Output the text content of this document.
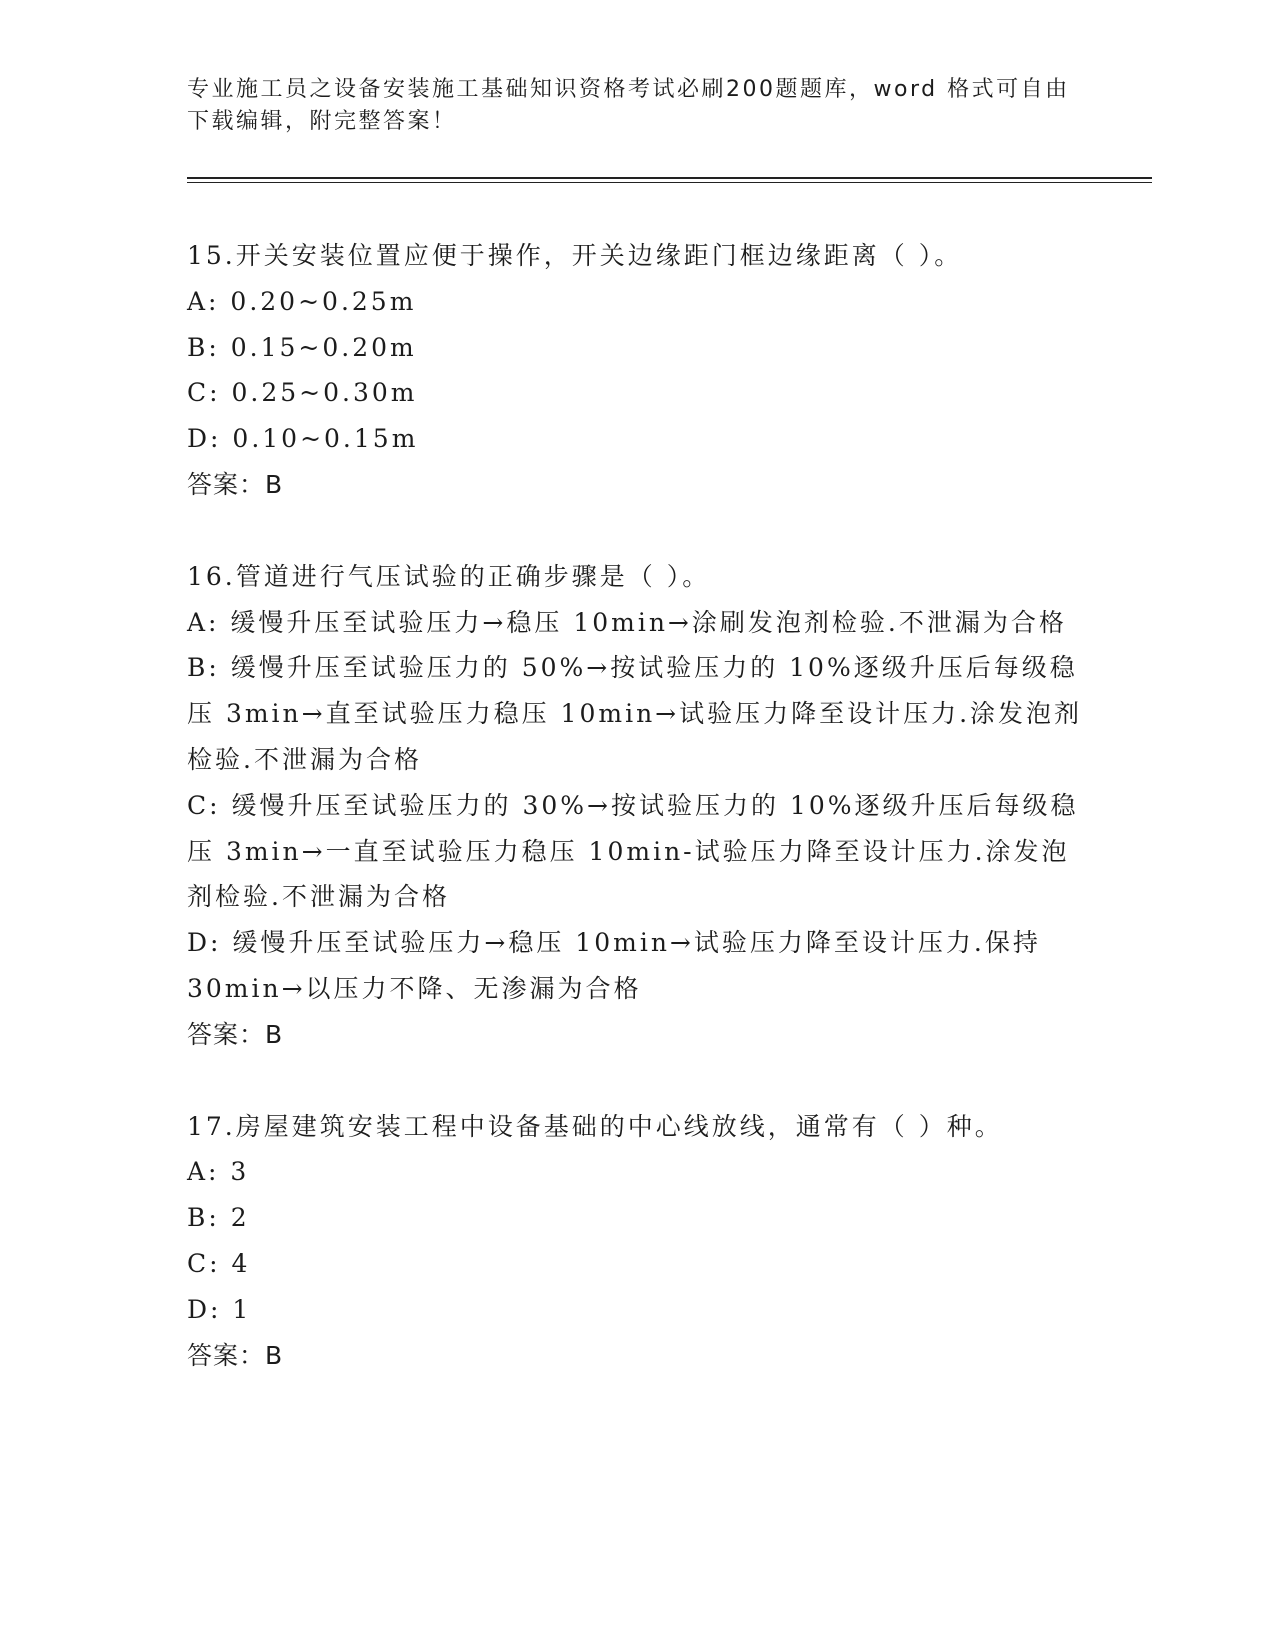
专业施工员之设备安装施工基础知识资格考试必刷200题题库，word 格式可自由
下载编辑，附完整答案！
15.开关安装位置应便于操作，开关边缘距门框边缘距离（ ）。
A: 0.20~0.25m
B: 0.15~0.20m
C: 0.25~0.30m
D: 0.10~0.15m
答案：B
16.管道进行气压试验的正确步骤是（ ）。
A: 缓慢升压至试验压力→稳压 10min→涂刷发泡剂检验.不泄漏为合格
B: 缓慢升压至试验压力的 50%→按试验压力的 10%逐级升压后每级稳
压 3min→直至试验压力稳压 10min→试验压力降至设计压力.涂发泡剂
检验.不泄漏为合格
C: 缓慢升压至试验压力的 30%→按试验压力的 10%逐级升压后每级稳
压 3min→一直至试验压力稳压 10min-试验压力降至设计压力.涂发泡
剂检验.不泄漏为合格
D: 缓慢升压至试验压力→稳压 10min→试验压力降至设计压力.保持
30min→以压力不降、无渗漏为合格
答案：B
17.房屋建筑安装工程中设备基础的中心线放线，通常有（ ）种。
A: 3
B: 2
C: 4
D: 1
答案：B
